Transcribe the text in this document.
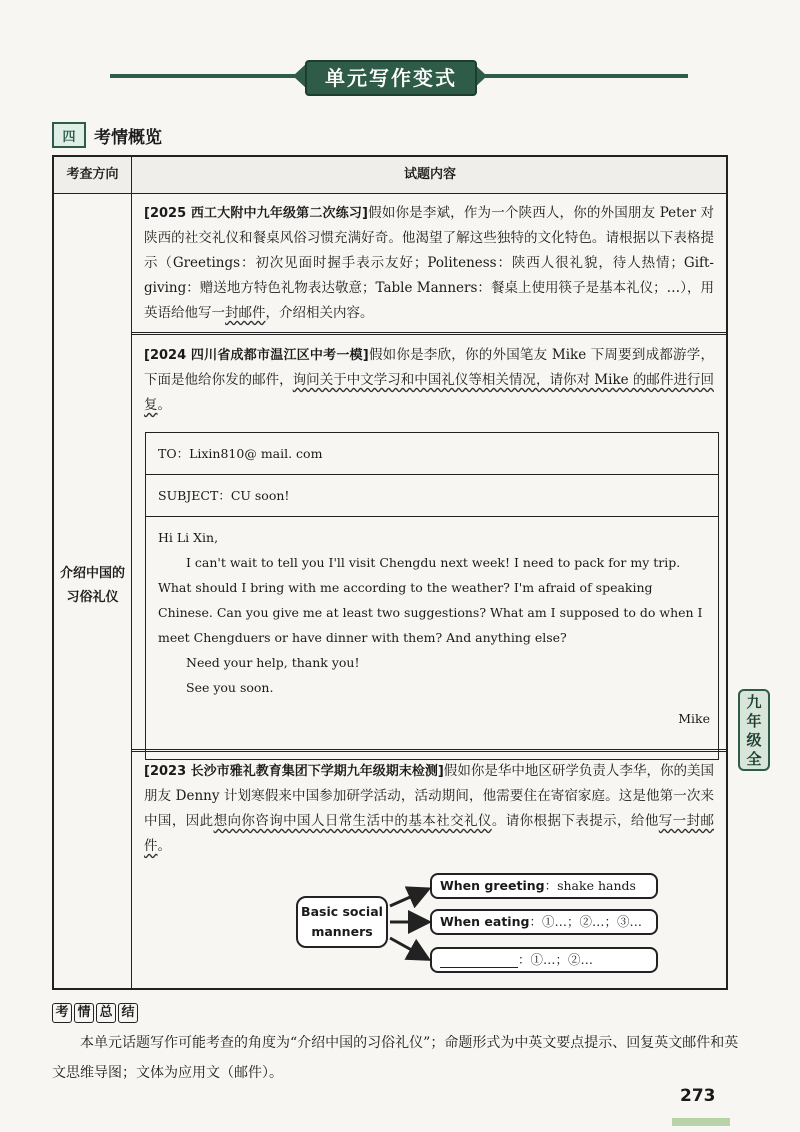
单元写作变式
四	考情概览
考查方向	试题内容
介绍中国的
习俗礼仪
[2025 西工大附中九年级第二次练习]假如你是李斌，作为一个陕西人，你的外国朋友 Peter 对陕西的社交礼仪和餐桌风俗习惯充满好奇。他渴望了解这些独特的文化特色。请根据以下表格提示（Greetings：初次见面时握手表示友好；Politeness：陕西人很礼貌，待人热情；Gift-giving：赠送地方特色礼物表达敬意；Table Manners：餐桌上使用筷子是基本礼仪；…），用英语给他写一封邮件，介绍相关内容。
[2024 四川省成都市温江区中考一模]假如你是李欣，你的外国笔友 Mike 下周要到成都游学，下面是他给你发的邮件，询问关于中文学习和中国礼仪等相关情况，请你对 Mike 的邮件进行回复。
TO：Lixin810@ mail. com
SUBJECT：CU soon!

Hi Li Xin,

I can't wait to tell you I'll visit Chengdu next week! I need to pack for my trip. What should I bring with me according to the weather? I'm afraid of speaking Chinese. Can you give me at least two suggestions? What am I supposed to do when I meet Chengduers or have dinner with them? And anything else?

Need your help, thank you!

See you soon.

Mike

[2023 长沙市雅礼教育集团下学期九年级期末检测]假如你是华中地区研学负责人李华，你的美国朋友 Denny 计划寒假来中国参加研学活动，活动期间，他需要住在寄宿家庭。这是他第一次来中国，因此想向你咨询中国人日常生活中的基本社交礼仪。请你根据下表提示，给他写一封邮件。
Basic social
manners
When greeting：shake hands
When eating：①…；②…；③…
：①…；②…
考 情 总 结
本单元话题写作可能考查的角度为“介绍中国的习俗礼仪”；命题形式为中英文要点提示、回复英文邮件和英文思维导图；文体为应用文（邮件）。
九
年
级
全
273
